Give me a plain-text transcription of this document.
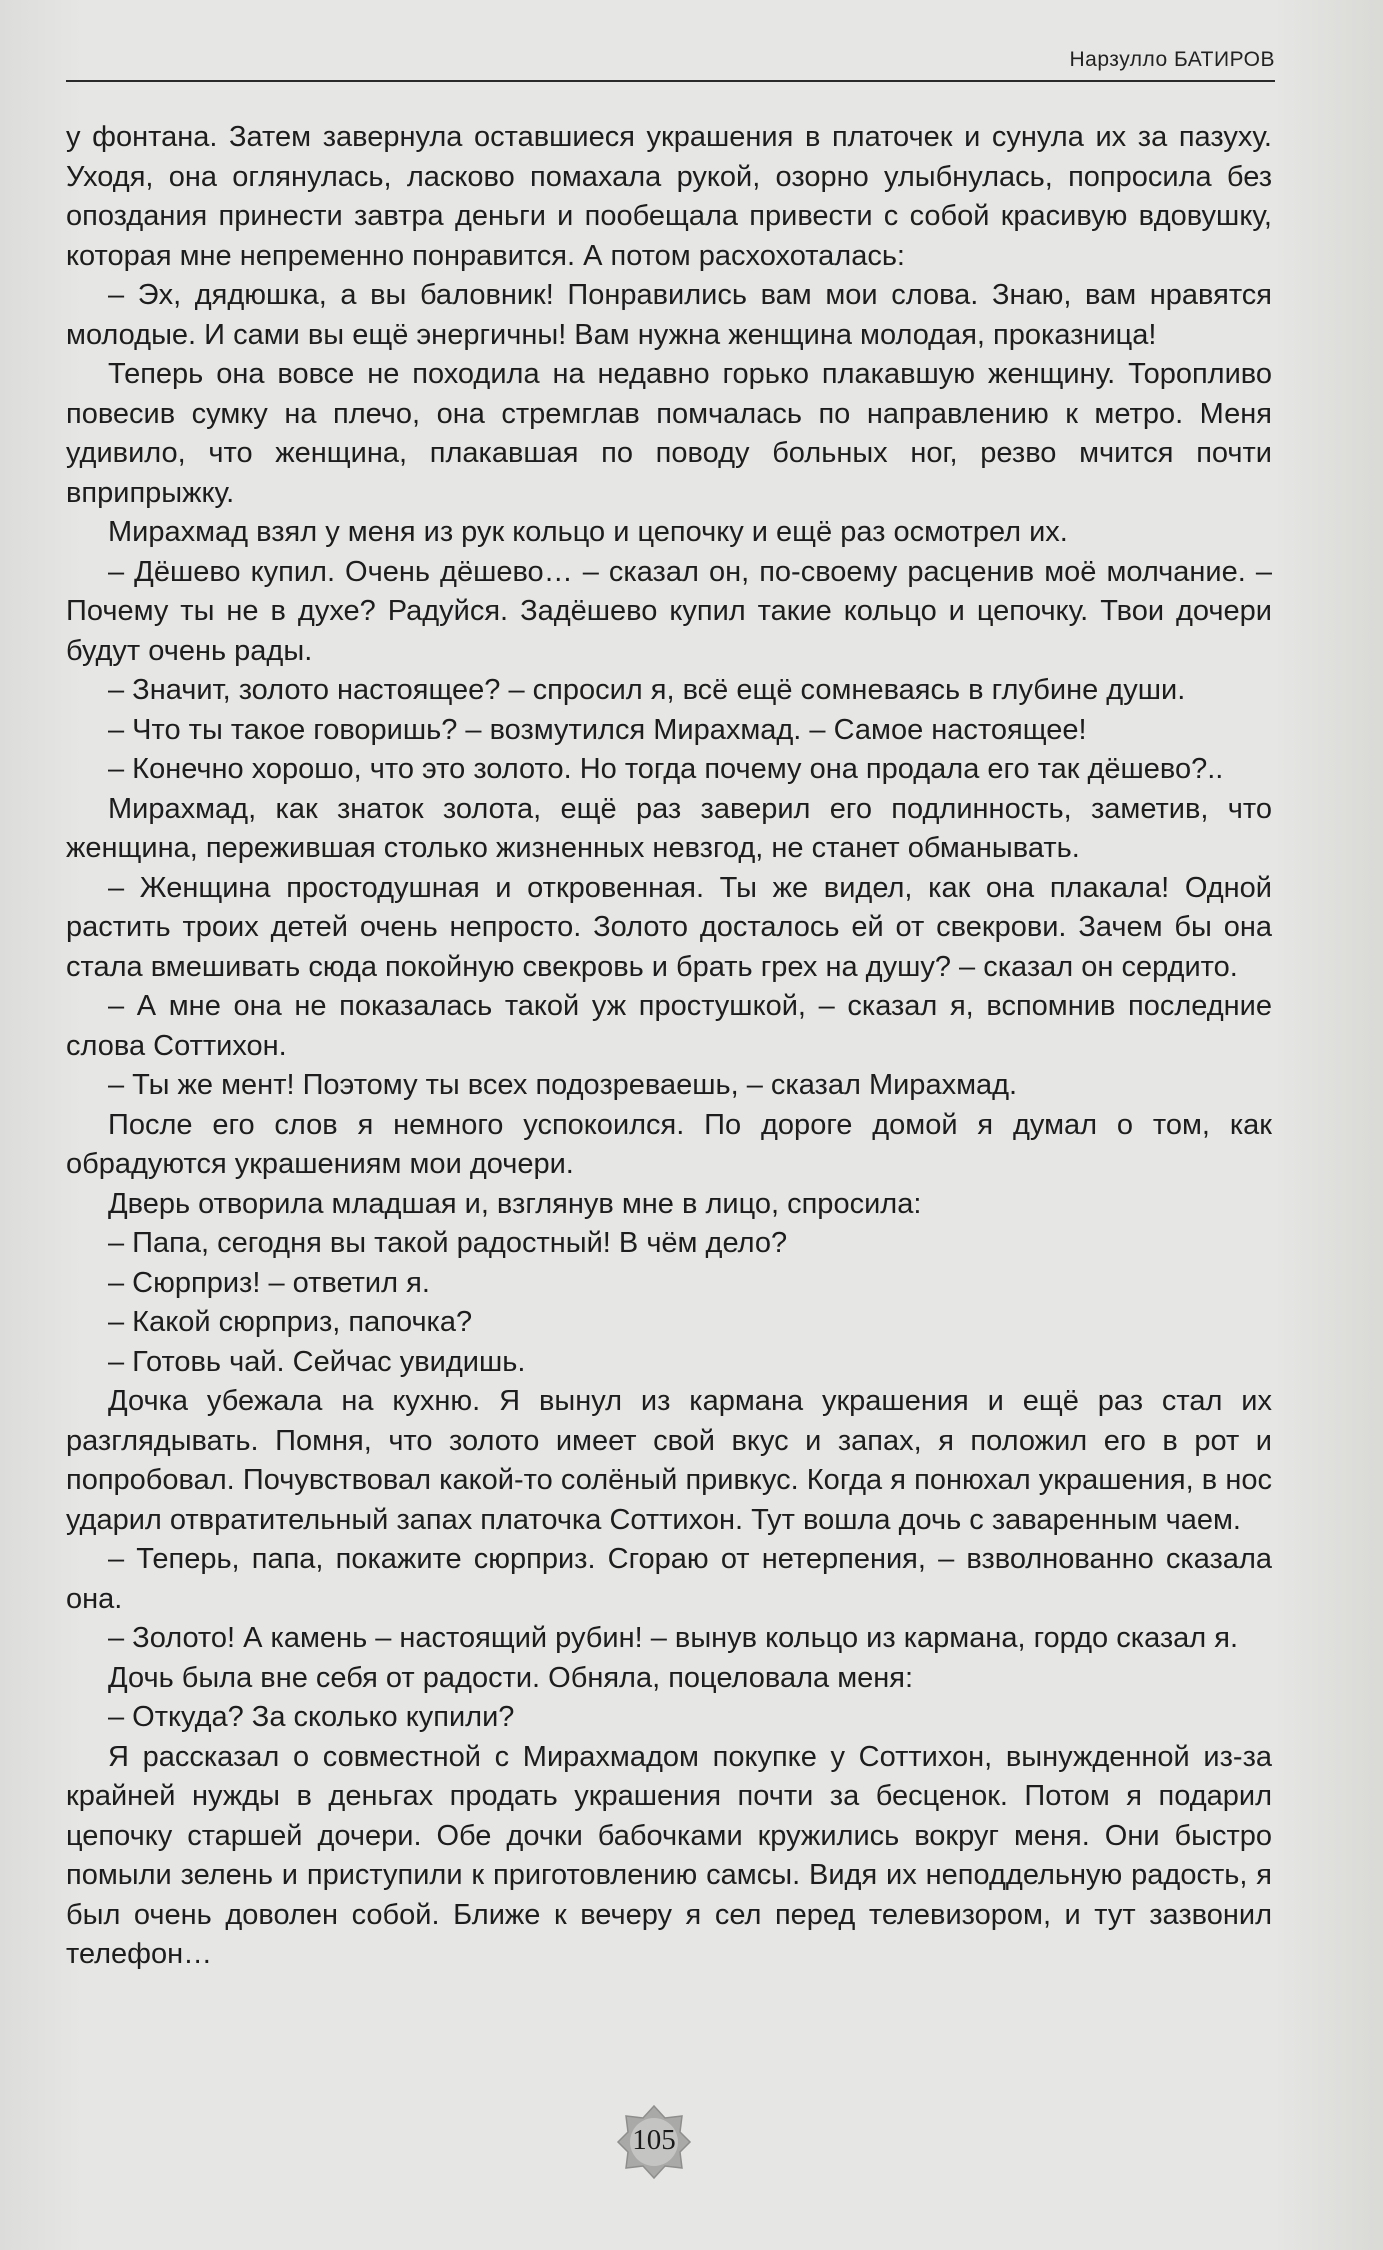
Нарзулло БАТИРОВ

у фонтана. Затем завернула оставшиеся украшения в платочек и сунула их за пазуху. Уходя, она оглянулась, ласково помахала рукой, озорно улыбнулась, попросила без опоздания принести завтра деньги и пообещала привести с собой красивую вдовушку, которая мне непременно понравится. А потом расхохоталась:

– Эх, дядюшка, а вы баловник! Понравились вам мои слова. Знаю, вам нравятся молодые. И сами вы ещё энергичны! Вам нужна женщина молодая, проказница!

Теперь она вовсе не походила на недавно горько плакавшую женщину. Торопливо повесив сумку на плечо, она стремглав помчалась по направлению к метро. Меня удивило, что женщина, плакавшая по поводу больных ног, резво мчится почти вприпрыжку.

Мирахмад взял у меня из рук кольцо и цепочку и ещё раз осмотрел их.

– Дёшево купил. Очень дёшево… – сказал он, по-своему расценив моё молчание. – Почему ты не в духе? Радуйся. Задёшево купил такие кольцо и цепочку. Твои дочери будут очень рады.

– Значит, золото настоящее? – спросил я, всё ещё сомневаясь в глубине души.

– Что ты такое говоришь? – возмутился Мирахмад. – Самое настоящее!

– Конечно хорошо, что это золото. Но тогда почему она продала его так дёшево?..

Мирахмад, как знаток золота, ещё раз заверил его подлинность, заметив, что женщина, пережившая столько жизненных невзгод, не станет обманывать.

– Женщина простодушная и откровенная. Ты же видел, как она плакала! Одной растить троих детей очень непросто. Золото досталось ей от свекрови. Зачем бы она стала вмешивать сюда покойную свекровь и брать грех на душу? – сказал он сердито.

– А мне она не показалась такой уж простушкой, – сказал я, вспомнив последние слова Соттихон.

– Ты же мент! Поэтому ты всех подозреваешь, – сказал Мирахмад.

После его слов я немного успокоился. По дороге домой я думал о том, как обрадуются украшениям мои дочери.

Дверь отворила младшая и, взглянув мне в лицо, спросила:

– Папа, сегодня вы такой радостный! В чём дело?

– Сюрприз! – ответил я.

– Какой сюрприз, папочка?

– Готовь чай. Сейчас увидишь.

Дочка убежала на кухню. Я вынул из кармана украшения и ещё раз стал их разглядывать. Помня, что золото имеет свой вкус и запах, я положил его в рот и попробовал. Почувствовал какой-то солёный привкус. Когда я понюхал украшения, в нос ударил отвратительный запах платочка Соттихон. Тут вошла дочь с заваренным чаем.

– Теперь, папа, покажите сюрприз. Сгораю от нетерпения, – взволнованно сказала она.

– Золото! А камень – настоящий рубин! – вынув кольцо из кармана, гордо сказал я.

Дочь была вне себя от радости. Обняла, поцеловала меня:

– Откуда? За сколько купили?

Я рассказал о совместной с Мирахмадом покупке у Соттихон, вынужденной из-за крайней нужды в деньгах продать украшения почти за бесценок. Потом я подарил цепочку старшей дочери. Обе дочки бабочками кружились вокруг меня. Они быстро помыли зелень и приступили к приготовлению самсы. Видя их неподдельную радость, я был очень доволен собой. Ближе к вечеру я сел перед телевизором, и тут зазвонил телефон…

105
